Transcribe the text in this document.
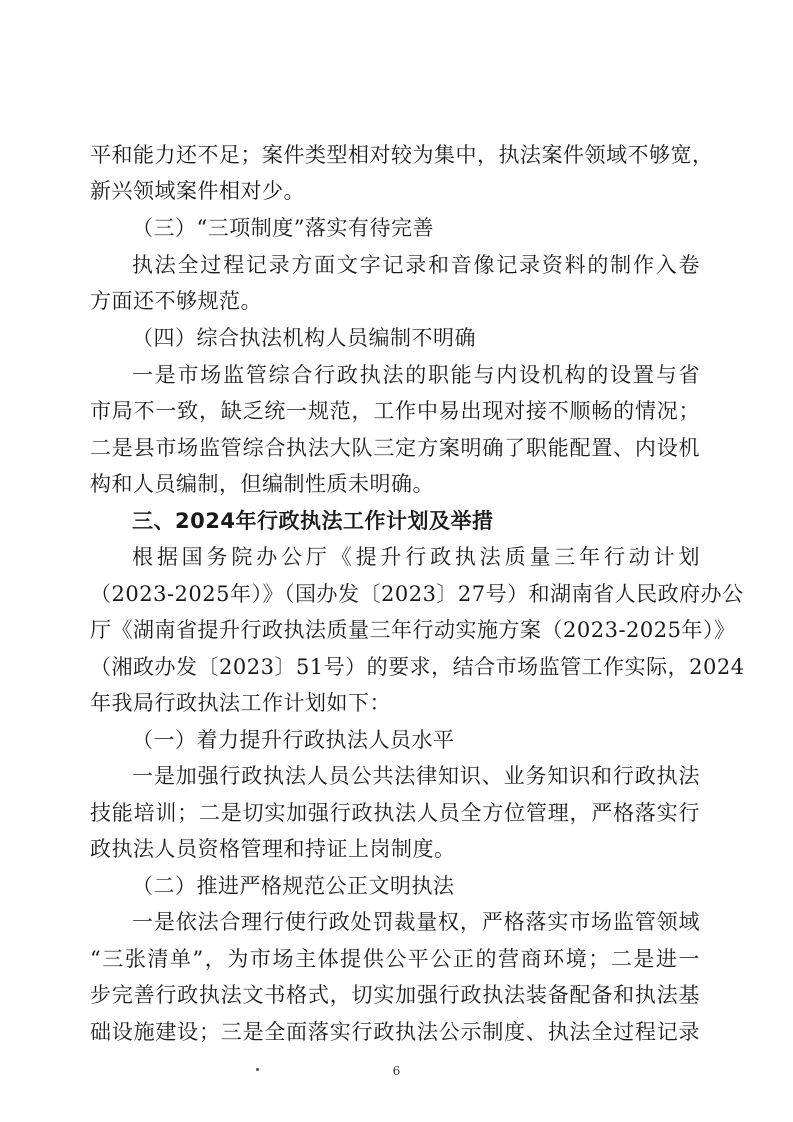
平和能力还不足；案件类型相对较为集中，执法案件领域不够宽，
新兴领域案件相对少。
（三）“三项制度”落实有待完善
执法全过程记录方面文字记录和音像记录资料的制作入卷
方面还不够规范。
（四）综合执法机构人员编制不明确
一是市场监管综合行政执法的职能与内设机构的设置与省
市局不一致，缺乏统一规范，工作中易出现对接不顺畅的情况；
二是县市场监管综合执法大队三定方案明确了职能配置、内设机
构和人员编制，但编制性质未明确。
三、2024年行政执法工作计划及举措
根据国务院办公厅《提升行政执法质量三年行动计划
（2023-2025年）》（国办发〔2023〕27号）和湖南省人民政府办公
厅《湖南省提升行政执法质量三年行动实施方案（2023-2025年）》
（湘政办发〔2023〕51号）的要求，结合市场监管工作实际，2024
年我局行政执法工作计划如下：
（一）着力提升行政执法人员水平
一是加强行政执法人员公共法律知识、业务知识和行政执法
技能培训；二是切实加强行政执法人员全方位管理，严格落实行
政执法人员资格管理和持证上岗制度。
（二）推进严格规范公正文明执法
一是依法合理行使行政处罚裁量权，严格落实市场监管领域
“三张清单”，为市场主体提供公平公正的营商环境；二是进一
步完善行政执法文书格式，切实加强行政执法装备配备和执法基
础设施建设；三是全面落实行政执法公示制度、执法全过程记录
6
